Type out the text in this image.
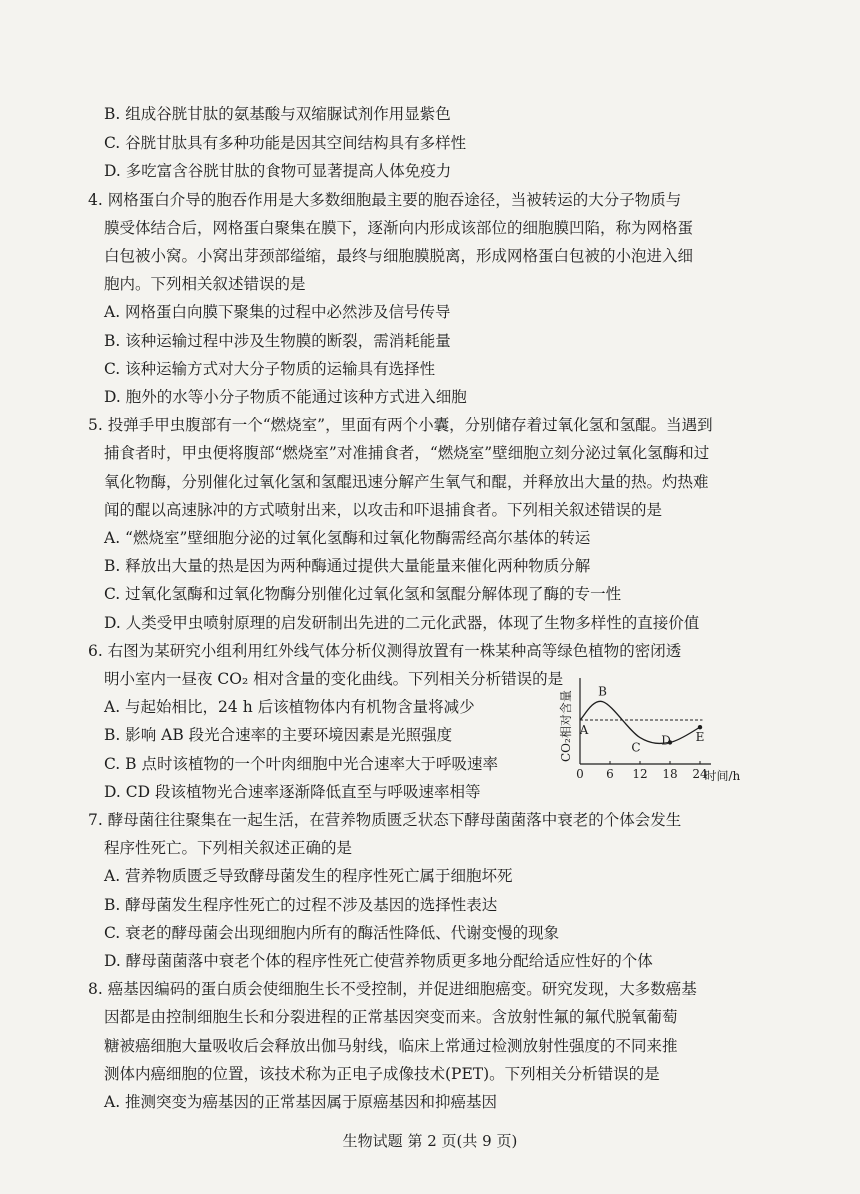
B. 组成谷胱甘肽的氨基酸与双缩脲试剂作用显紫色
C. 谷胱甘肽具有多种功能是因其空间结构具有多样性
D. 多吃富含谷胱甘肽的食物可显著提高人体免疫力
4. 网格蛋白介导的胞吞作用是大多数细胞最主要的胞吞途径，当被转运的大分子物质与
膜受体结合后，网格蛋白聚集在膜下，逐渐向内形成该部位的细胞膜凹陷，称为网格蛋
白包被小窝。小窝出芽颈部缢缩，最终与细胞膜脱离，形成网格蛋白包被的小泡进入细
胞内。下列相关叙述错误的是
A. 网格蛋白向膜下聚集的过程中必然涉及信号传导
B. 该种运输过程中涉及生物膜的断裂，需消耗能量
C. 该种运输方式对大分子物质的运输具有选择性
D. 胞外的水等小分子物质不能通过该种方式进入细胞
5. 投弹手甲虫腹部有一个“燃烧室”，里面有两个小囊，分别储存着过氧化氢和氢醌。当遇到
捕食者时，甲虫便将腹部“燃烧室”对准捕食者，“燃烧室”壁细胞立刻分泌过氧化氢酶和过
氧化物酶，分别催化过氧化氢和氢醌迅速分解产生氧气和醌，并释放出大量的热。灼热难
闻的醌以高速脉冲的方式喷射出来，以攻击和吓退捕食者。下列相关叙述错误的是
A. “燃烧室”壁细胞分泌的过氧化氢酶和过氧化物酶需经高尔基体的转运
B. 释放出大量的热是因为两种酶通过提供大量能量来催化两种物质分解
C. 过氧化氢酶和过氧化物酶分别催化过氧化氢和氢醌分解体现了酶的专一性
D. 人类受甲虫喷射原理的启发研制出先进的二元化武器，体现了生物多样性的直接价值
6. 右图为某研究小组利用红外线气体分析仪测得放置有一株某种高等绿色植物的密闭透
明小室内一昼夜 CO₂ 相对含量的变化曲线。下列相关分析错误的是
A. 与起始相比，24 h 后该植物体内有机物含量将减少
B. 影响 AB 段光合速率的主要环境因素是光照强度
C. B 点时该植物的一个叶肉细胞中光合速率大于呼吸速率
D. CD 段该植物光合速率逐渐降低直至与呼吸速率相等
A
B
C
D E
0 6 12 18 24
CO₂相对含量
时间/h
7. 酵母菌往往聚集在一起生活，在营养物质匮乏状态下酵母菌菌落中衰老的个体会发生
程序性死亡。下列相关叙述正确的是
A. 营养物质匮乏导致酵母菌发生的程序性死亡属于细胞坏死
B. 酵母菌发生程序性死亡的过程不涉及基因的选择性表达
C. 衰老的酵母菌会出现细胞内所有的酶活性降低、代谢变慢的现象
D. 酵母菌菌落中衰老个体的程序性死亡使营养物质更多地分配给适应性好的个体
8. 癌基因编码的蛋白质会使细胞生长不受控制，并促进细胞癌变。研究发现，大多数癌基
因都是由控制细胞生长和分裂进程的正常基因突变而来。含放射性氟的氟代脱氧葡萄
糖被癌细胞大量吸收后会释放出伽马射线，临床上常通过检测放射性强度的不同来推
测体内癌细胞的位置，该技术称为正电子成像技术(PET)。下列相关分析错误的是
A. 推测突变为癌基因的正常基因属于原癌基因和抑癌基因
生物试题 第 2 页(共 9 页)
